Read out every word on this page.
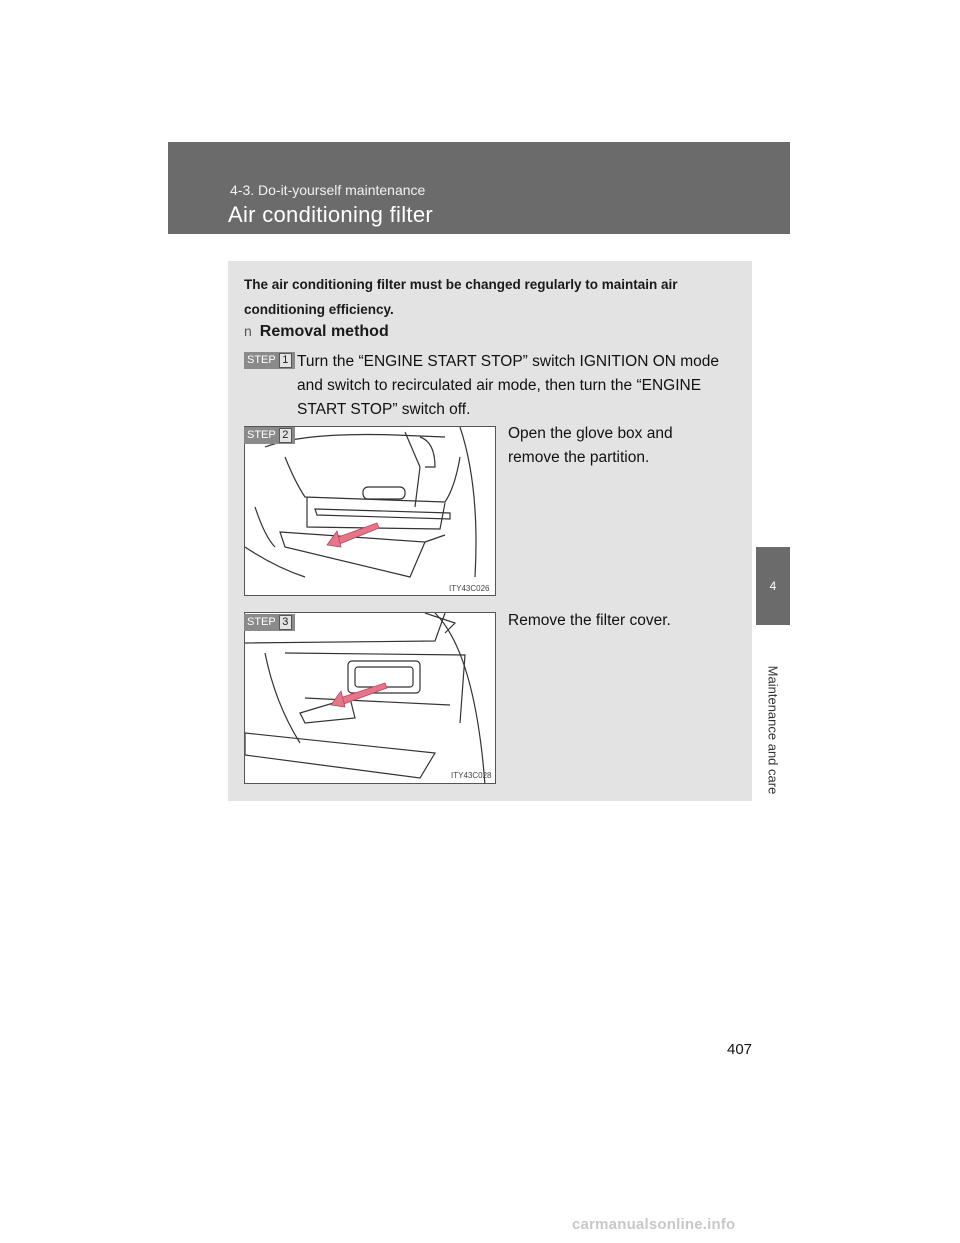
4-3. Do-it-yourself maintenance
Air conditioning filter
4
Maintenance and care
The air conditioning filter must be changed regularly to maintain air conditioning efficiency.
n Removal method
STEP 1 Turn the “ENGINE START STOP” switch IGNITION ON mode and switch to recirculated air mode, then turn the “ENGINE START STOP” switch off.
STEP 2
ITY43C026
Open the glove box and remove the partition.
STEP 3
ITY43C028
Remove the filter cover.
407
carmanualsonline.info
